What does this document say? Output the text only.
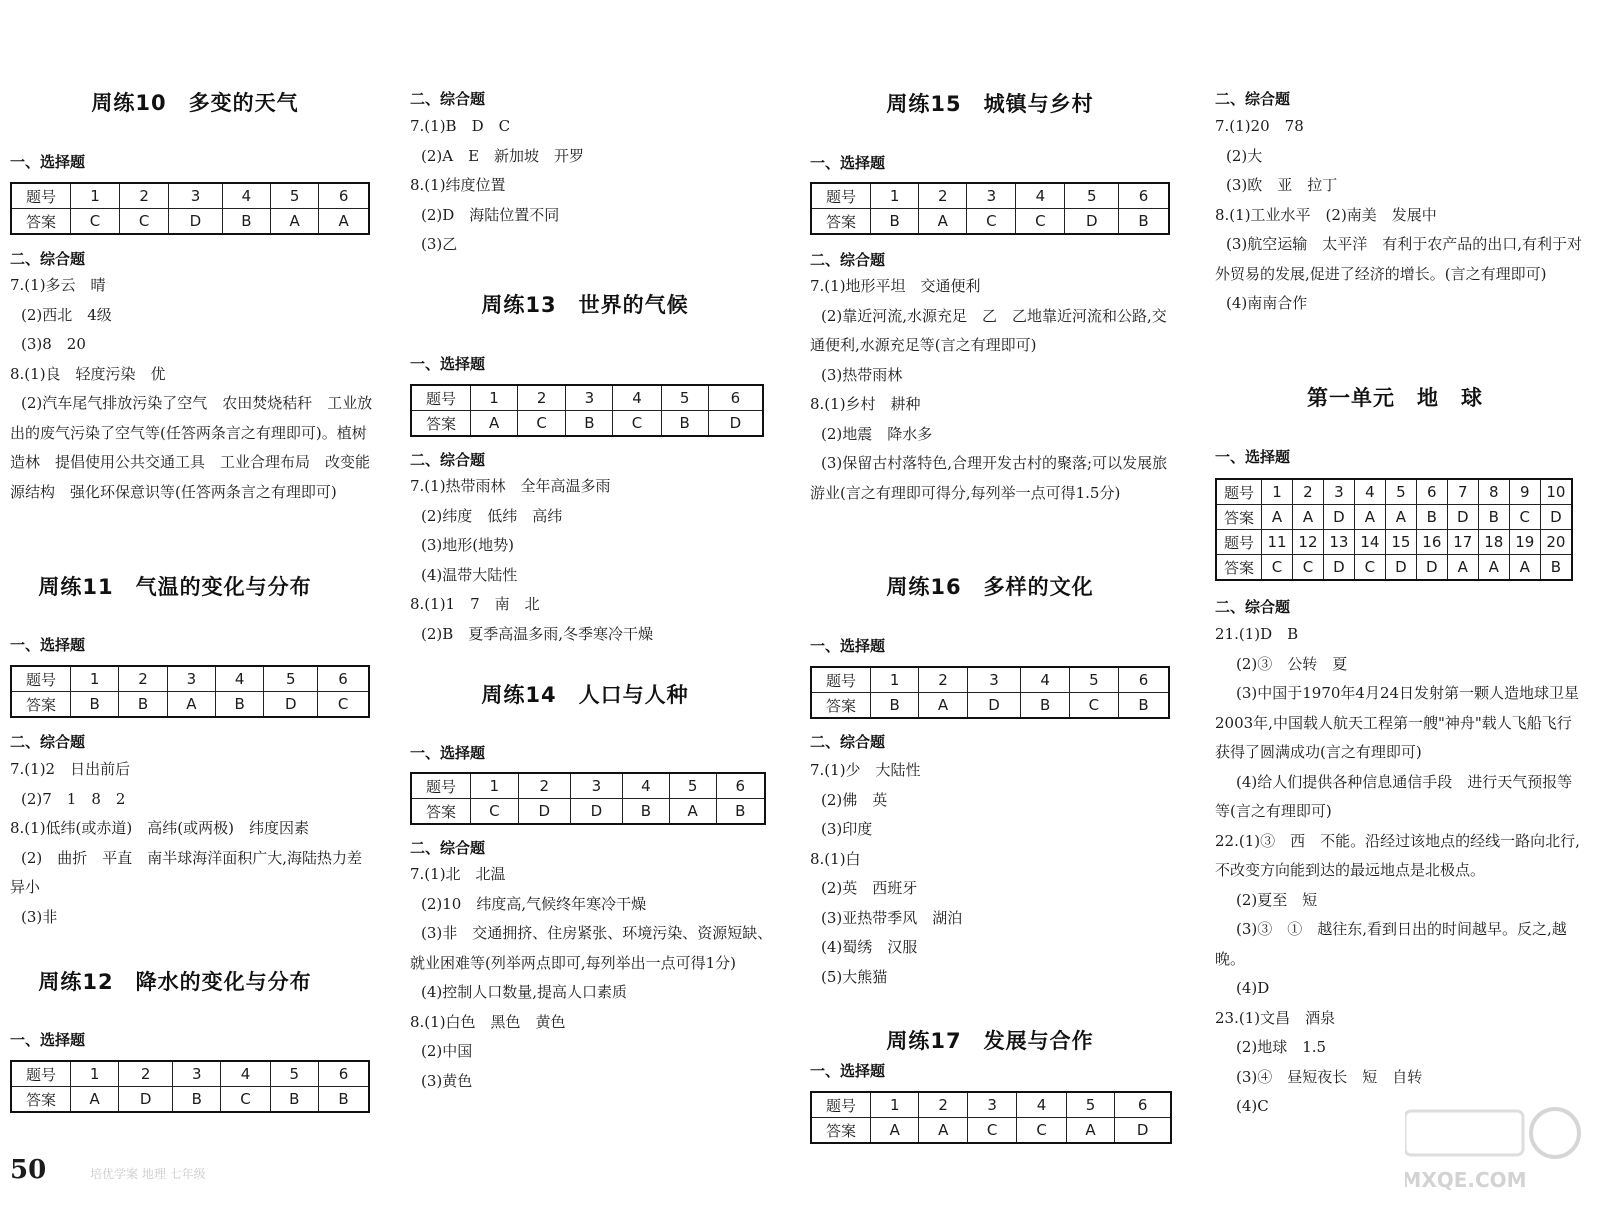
周练10　多变的天气
一、选择题
题号	1	2	3	4	5	6
答案	C	C	D	B	A	A
二、综合题
7.(1)多云　晴
(2)西北　4级
(3)8　20
8.(1)良　轻度污染　优
(2)汽车尾气排放污染了空气　农田焚烧秸秆　工业放出的废气污染了空气等(任答两条言之有理即可)。植树造林　提倡使用公共交通工具　工业合理布局　改变能源结构　强化环保意识等(任答两条言之有理即可)
周练11　气温的变化与分布
一、选择题
题号	1	2	3	4	5	6
答案	B	B	A	B	D	C
二、综合题
7.(1)2　日出前后
(2)7　1　8　2
8.(1)低纬(或赤道)　高纬(或两极)　纬度因素
(2)　曲折　平直　南半球海洋面积广大,海陆热力差异小
(3)非
周练12　降水的变化与分布
一、选择题
题号	1	2	3	4	5	6
答案	A	D	B	C	B	B
二、综合题
7.(1)B　D　C
(2)A　E　新加坡　开罗
8.(1)纬度位置
(2)D　海陆位置不同
(3)乙
周练13　世界的气候
一、选择题
题号	1	2	3	4	5	6
答案	A	C	B	C	B	D
二、综合题
7.(1)热带雨林　全年高温多雨
(2)纬度　低纬　高纬
(3)地形(地势)
(4)温带大陆性
8.(1)1　7　南　北
(2)B　夏季高温多雨,冬季寒冷干燥
周练14　人口与人种
一、选择题
题号	1	2	3	4	5	6
答案	C	D	D	B	A	B
二、综合题
7.(1)北　北温
(2)10　纬度高,气候终年寒冷干燥
(3)非　交通拥挤、住房紧张、环境污染、资源短缺、就业困难等(列举两点即可,每列举出一点可得1分)
(4)控制人口数量,提高人口素质
8.(1)白色　黑色　黄色
(2)中国
(3)黄色
周练15　城镇与乡村
一、选择题
题号	1	2	3	4	5	6
答案	B	A	C	C	D	B
二、综合题
7.(1)地形平坦　交通便利
(2)靠近河流,水源充足　乙　乙地靠近河流和公路,交通便利,水源充足等(言之有理即可)
(3)热带雨林
8.(1)乡村　耕种
(2)地震　降水多
(3)保留古村落特色,合理开发古村的聚落;可以发展旅游业(言之有理即可得分,每列举一点可得1.5分)
周练16　多样的文化
一、选择题
题号	1	2	3	4	5	6
答案	B	A	D	B	C	B
二、综合题
7.(1)少　大陆性
(2)佛　英
(3)印度
8.(1)白
(2)英　西班牙
(3)亚热带季风　湖泊
(4)蜀绣　汉服
(5)大熊猫
周练17　发展与合作
一、选择题
题号	1	2	3	4	5	6
答案	A	A	C	C	A	D
二、综合题
7.(1)20　78
(2)大
(3)欧　亚　拉丁
8.(1)工业水平　(2)南美　发展中
(3)航空运输　太平洋　有利于农产品的出口,有利于对外贸易的发展,促进了经济的增长。(言之有理即可)
(4)南南合作
第一单元　地　球
一、选择题
题号	1	2	3	4	5	6	7	8	9	10
答案	A	A	D	A	A	B	D	B	C	D
题号	11	12	13	14	15	16	17	18	19	20
答案	C	C	D	C	D	D	A	A	A	B
二、综合题
21.(1)D　B
(2)③　公转　夏
(3)中国于1970年4月24日发射第一颗人造地球卫星　2003年,中国载人航天工程第一艘"神舟"载人飞船飞行获得了圆满成功(言之有理即可)
(4)给人们提供各种信息通信手段　进行天气预报等等(言之有理即可)
22.(1)③　西　不能。沿经过该地点的经线一路向北行,不改变方向能到达的最远地点是北极点。
(2)夏至　短
(3)③　①　越往东,看到日出的时间越早。反之,越晚。
(4)D
23.(1)文昌　酒泉
(2)地球　1.5
(3)④　昼短夜长　短　自转
(4)C
50	培优学案 地理 七年级	MXQE.COM
